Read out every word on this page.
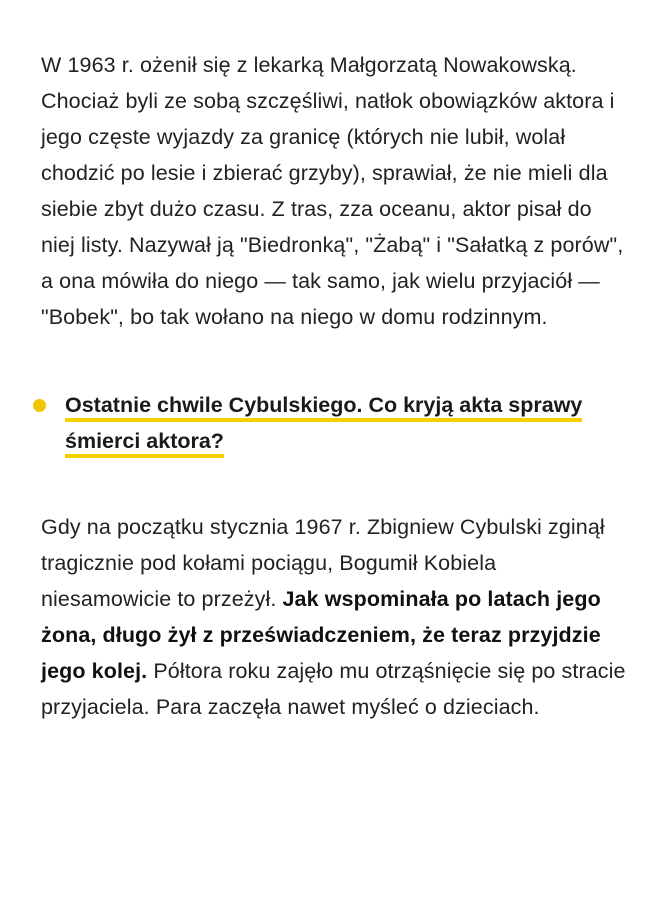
W 1963 r. ożenił się z lekarką Małgorzatą Nowakowską. Chociaż byli ze sobą szczęśliwi, natłok obowiązków aktora i jego częste wyjazdy za granicę (których nie lubił, wolał chodzić po lesie i zbierać grzyby), sprawiał, że nie mieli dla siebie zbyt dużo czasu. Z tras, zza oceanu, aktor pisał do niej listy. Nazywał ją "Biedronką", "Żabą" i "Sałatką z porów", a ona mówiła do niego — tak samo, jak wielu przyjaciół — "Bobek", bo tak wołano na niego w domu rodzinnym.

Ostatnie chwile Cybulskiego. Co kryją akta sprawy śmierci aktora?

Gdy na początku stycznia 1967 r. Zbigniew Cybulski zginął tragicznie pod kołami pociągu, Bogumił Kobiela niesamowicie to przeżył. Jak wspominała po latach jego żona, długo żył z przeświadczeniem, że teraz przyjdzie jego kolej. Półtora roku zajęło mu otrząśnięcie się po stracie przyjaciela. Para zaczęła nawet myśleć o dzieciach.
